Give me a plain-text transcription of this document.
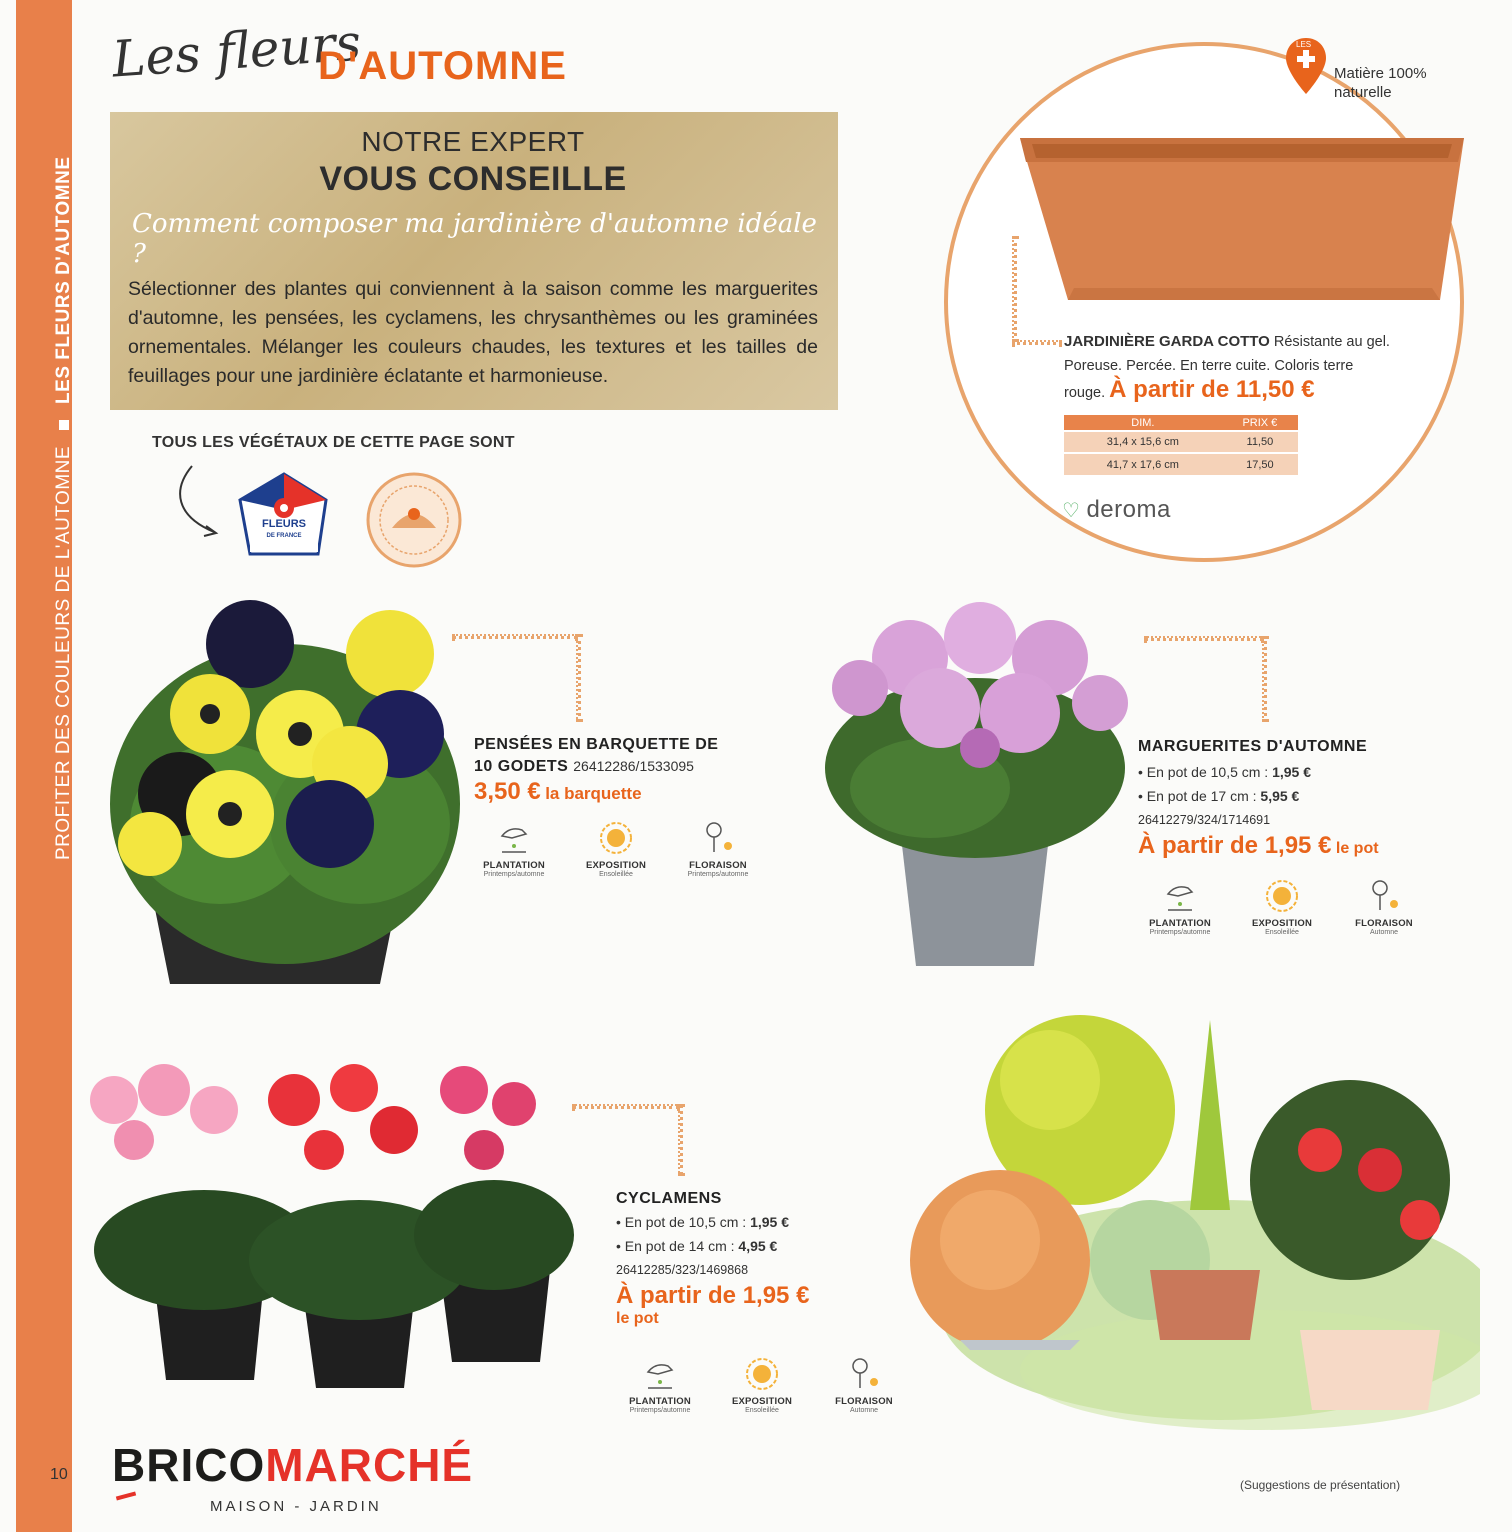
PROFITER DES COULEURS DE L'AUTOMNE
LES FLEURS D'AUTOMNE
Les fleurs
D'AUTOMNE
NOTRE EXPERT
VOUS CONSEILLE
Comment composer ma jardinière d'automne idéale ?
Sélectionner des plantes qui conviennent à la saison comme les marguerites d'automne, les pensées, les cyclamens, les chrysanthèmes ou les graminées ornementales. Mélanger les couleurs chaudes, les textures et les tailles de feuillages pour une jardinière éclatante et harmonieuse.
TOUS LES VÉGÉTAUX DE CETTE PAGE SONT
FLEURS
DE FRANCE
LES
Matière 100%
naturelle
JARDINIÈRE GARDA COTTO Résistante au gel. Poreuse. Percée. En terre cuite. Coloris terre rouge. À partir de 11,50 €
DIM.	PRIX €
31,4 x 15,6 cm	11,50
41,7 x 17,6 cm	17,50
♡ deroma
PENSÉES EN BARQUETTE DE
10 GODETS 26412286/1533095
3,50 € la barquette
PLANTATION
Printemps/automne
EXPOSITION
Ensoleillée
FLORAISON
Printemps/automne
MARGUERITES D'AUTOMNE
• En pot de 10,5 cm : 1,95 €
• En pot de 17 cm : 5,95 €
26412279/324/1714691
À partir de 1,95 € le pot
PLANTATION
Printemps/automne
EXPOSITION
Ensoleillée
FLORAISON
Automne
CYCLAMENS
• En pot de 10,5 cm : 1,95 €
• En pot de 14 cm : 4,95 €
26412285/323/1469868
À partir de 1,95 €
le pot
PLANTATION
Printemps/automne
EXPOSITION
Ensoleillée
FLORAISON
Automne
10 BRICOMARCHÉ
MAISON - JARDIN
(Suggestions de présentation)
